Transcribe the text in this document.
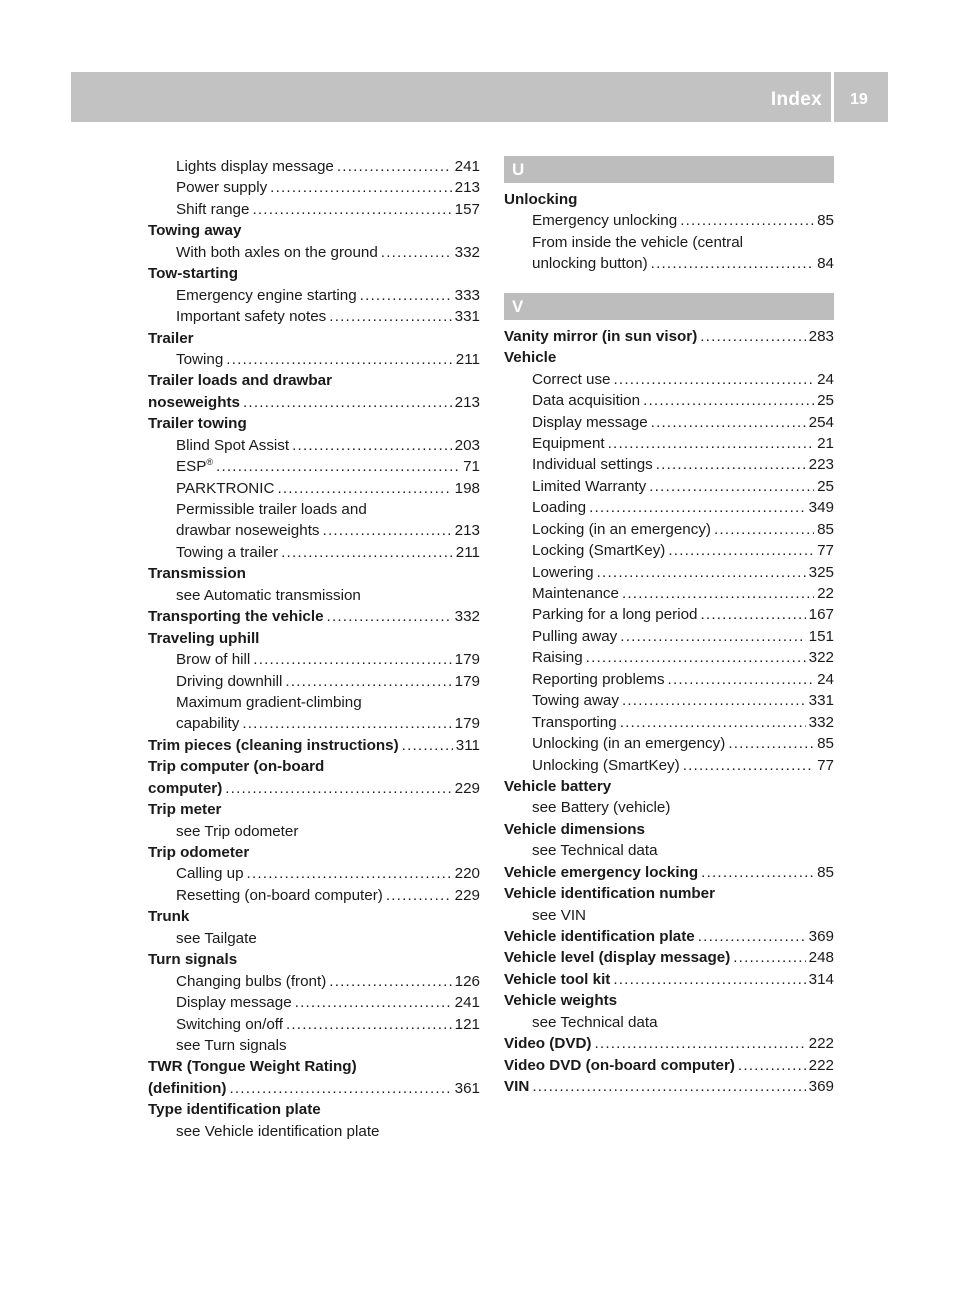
Index 19
Lights display message .....	241
Power supply .....	213
Shift range .....	157
Towing away
With both axles on the ground .....	332
Tow-starting
Emergency engine starting .....	333
Important safety notes .....	331
Trailer
Towing .....	211
Trailer loads and drawbar
noseweights .....	213
Trailer towing
Blind Spot Assist .....	203
ESP® .....	71
PARKTRONIC .....	198
Permissible trailer loads and
drawbar noseweights .....	213
Towing a trailer .....	211
Transmission
see Automatic transmission
Transporting the vehicle .....	332
Traveling uphill
Brow of hill .....	179
Driving downhill .....	179
Maximum gradient-climbing
capability .....	179
Trim pieces (cleaning instructions) .....	311
Trip computer (on-board
computer) .....	229
Trip meter
see Trip odometer
Trip odometer
Calling up .....	220
Resetting (on-board computer) .....	229
Trunk
see Tailgate
Turn signals
Changing bulbs (front) .....	126
Display message .....	241
Switching on/off .....	121
see Turn signals
TWR (Tongue Weight Rating)
(definition) .....	361
Type identification plate
see Vehicle identification plate
U
Unlocking
Emergency unlocking .....	85
From inside the vehicle (central
unlocking button) .....	84
V
Vanity mirror (in sun visor) .....	283
Vehicle
Correct use .....	24
Data acquisition .....	25
Display message .....	254
Equipment .....	21
Individual settings .....	223
Limited Warranty .....	25
Loading .....	349
Locking (in an emergency) .....	85
Locking (SmartKey) .....	77
Lowering .....	325
Maintenance .....	22
Parking for a long period .....	167
Pulling away .....	151
Raising .....	322
Reporting problems .....	24
Towing away .....	331
Transporting .....	332
Unlocking (in an emergency) .....	85
Unlocking (SmartKey) .....	77
Vehicle battery
see Battery (vehicle)
Vehicle dimensions
see Technical data
Vehicle emergency locking .....	85
Vehicle identification number
see VIN
Vehicle identification plate .....	369
Vehicle level (display message) .....	248
Vehicle tool kit .....	314
Vehicle weights
see Technical data
Video (DVD) .....	222
Video DVD (on-board computer) .....	222
VIN .....	369
